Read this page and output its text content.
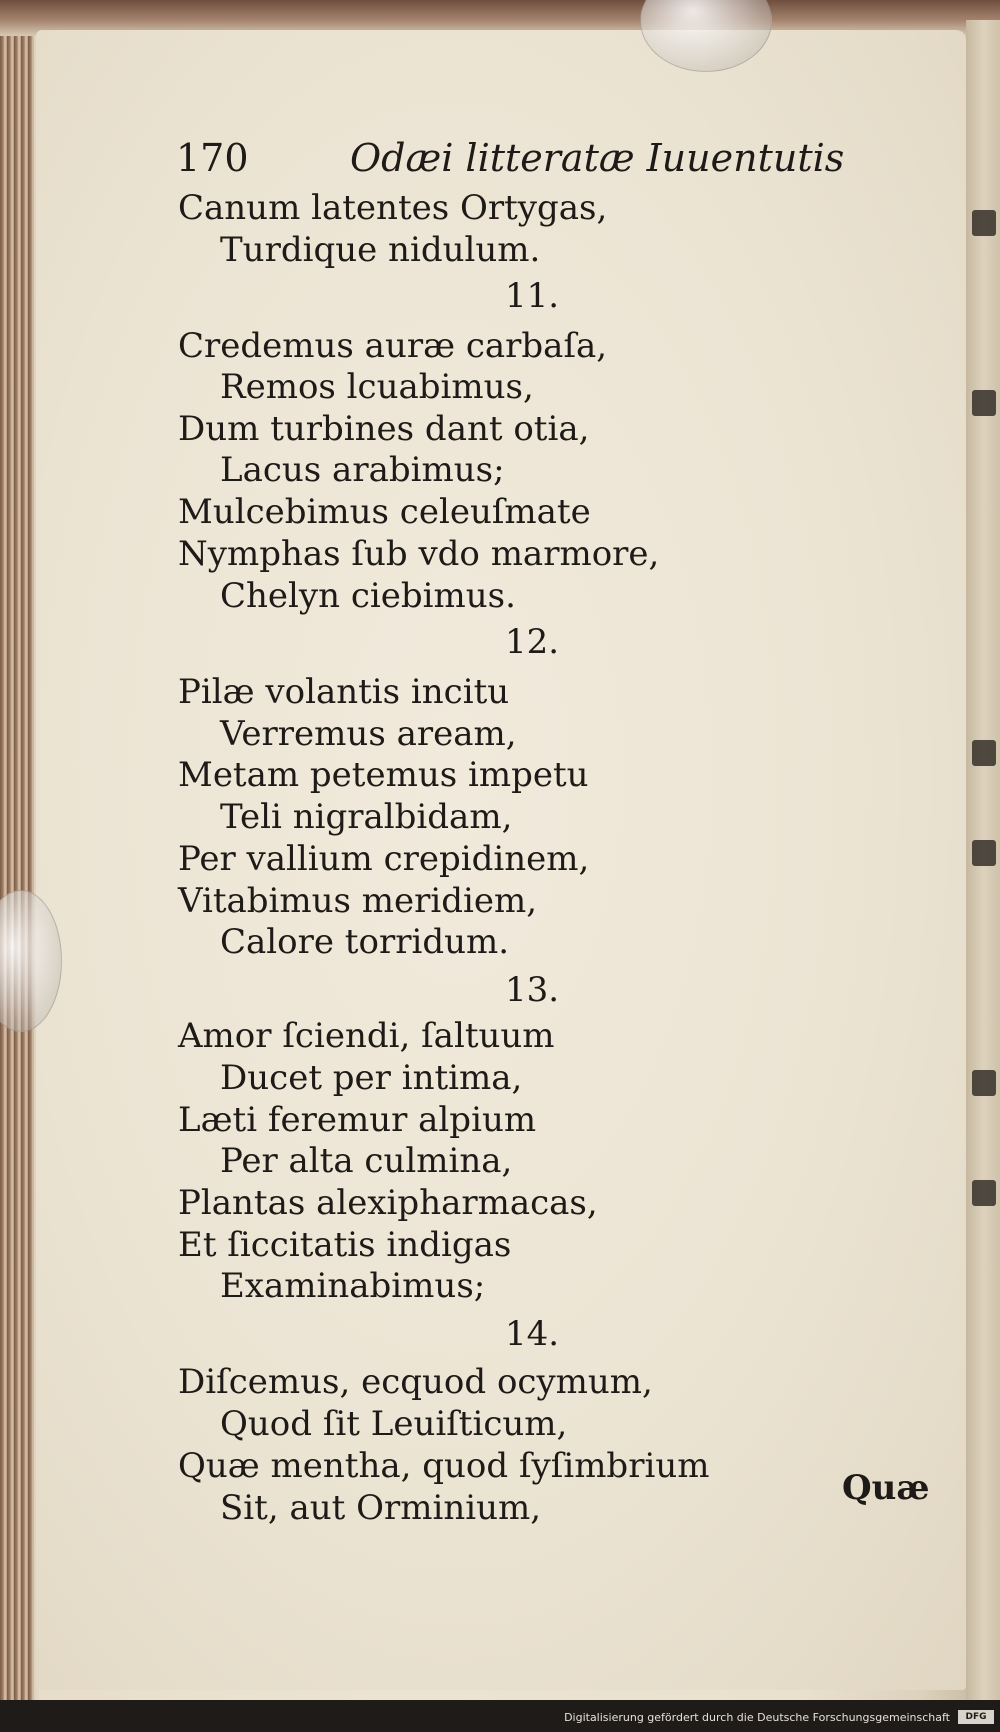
170	Odæi litteratæ Iuuentutis
Canum latentes Ortygas,
Turdique nidulum.
11.
Credemus auræ carbaſa,
Remos lcuabimus,
Dum turbines dant otia,
Lacus arabimus;
Mulcebimus celeuſmate
Nymphas ſub vdo marmore,
Chelyn ciebimus.
12.
Pilæ volantis incitu
Verremus aream,
Metam petemus impetu
Teli nigralbidam,
Per vallium crepidinem,
Vitabimus meridiem,
Calore torridum.
13.
Amor ſciendi, ſaltuum
Ducet per intima,
Læti feremur alpium
Per alta culmina,
Plantas alexipharmacas,
Et ſiccitatis indigas
Examinabimus;
14.
Diſcemus, ecquod ocymum,
Quod ſit Leuiſticum,
Quæ mentha, quod ſyſimbrium
Sit, aut Orminium,	Quæ
Digitalisierung gefördert durch die Deutsche Forschungsgemeinschaft	DFG
